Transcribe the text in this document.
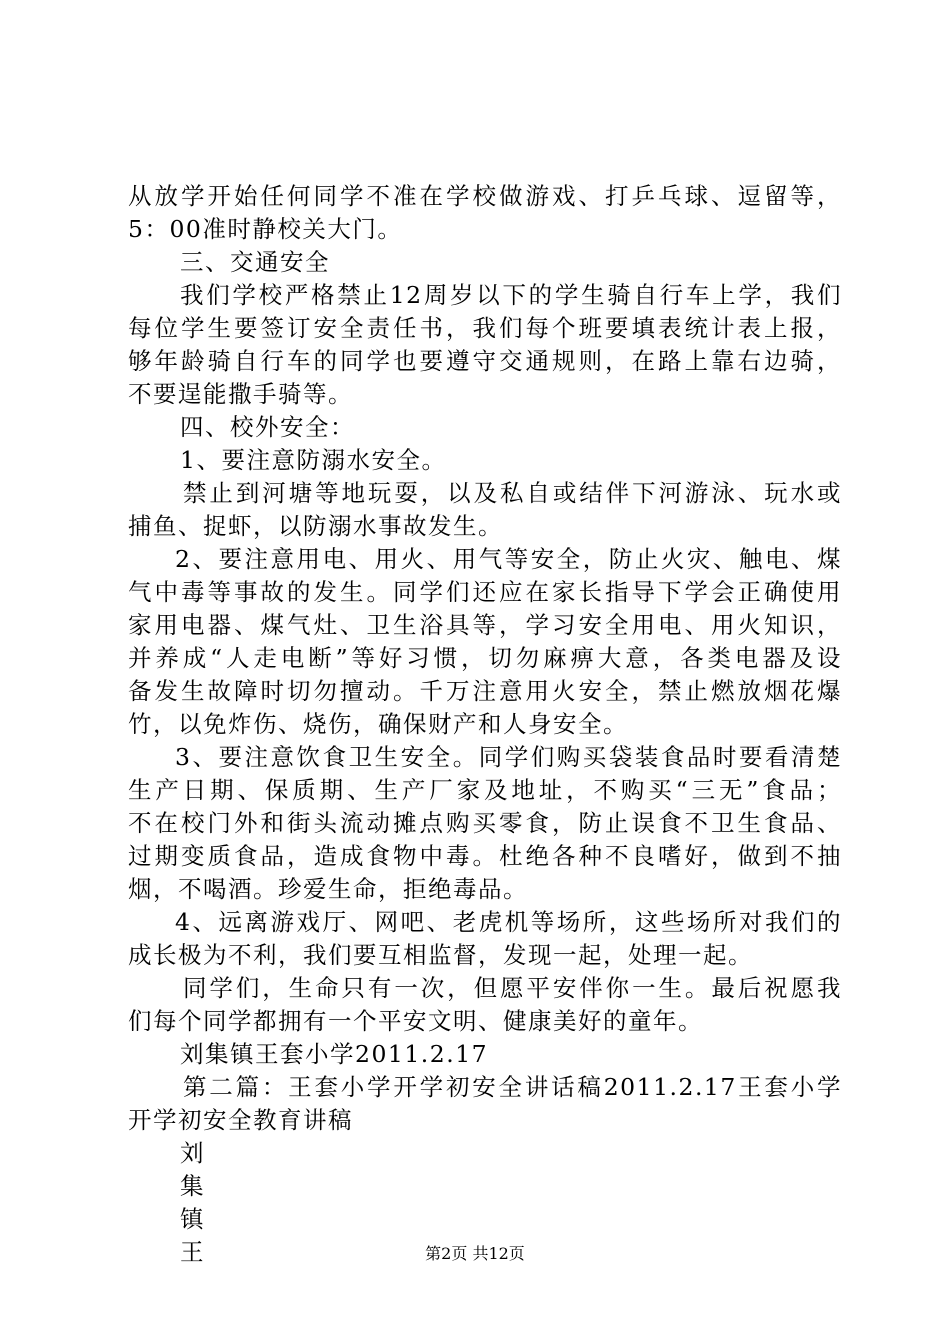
从放学开始任何同学不准在学校做游戏、打乒乓球、逗留等，
5：00准时静校关大门。
三、交通安全
我们学校严格禁止12周岁以下的学生骑自行车上学，我们
每位学生要签订安全责任书，我们每个班要填表统计表上报，
够年龄骑自行车的同学也要遵守交通规则，在路上靠右边骑，
不要逞能撒手骑等。
四、校外安全：
1、要注意防溺水安全。
禁止到河塘等地玩耍，以及私自或结伴下河游泳、玩水或
捕鱼、捉虾，以防溺水事故发生。
2、要注意用电、用火、用气等安全，防止火灾、触电、煤
气中毒等事故的发生。同学们还应在家长指导下学会正确使用
家用电器、煤气灶、卫生浴具等，学习安全用电、用火知识，
并养成“人走电断”等好习惯，切勿麻痹大意，各类电器及设
备发生故障时切勿擅动。千万注意用火安全，禁止燃放烟花爆
竹，以免炸伤、烧伤，确保财产和人身安全。
3、要注意饮食卫生安全。同学们购买袋装食品时要看清楚
生产日期、保质期、生产厂家及地址，不购买“三无”食品；
不在校门外和街头流动摊点购买零食，防止误食不卫生食品、
过期变质食品，造成食物中毒。杜绝各种不良嗜好，做到不抽
烟，不喝酒。珍爱生命，拒绝毒品。
4、远离游戏厅、网吧、老虎机等场所，这些场所对我们的
成长极为不利，我们要互相监督，发现一起，处理一起。
同学们，生命只有一次，但愿平安伴你一生。最后祝愿我
们每个同学都拥有一个平安文明、健康美好的童年。
刘集镇王套小学2011.2.17
第二篇：王套小学开学初安全讲话稿2011.2.17王套小学
开学初安全教育讲稿
刘
集
镇
王	第2页 共12页
